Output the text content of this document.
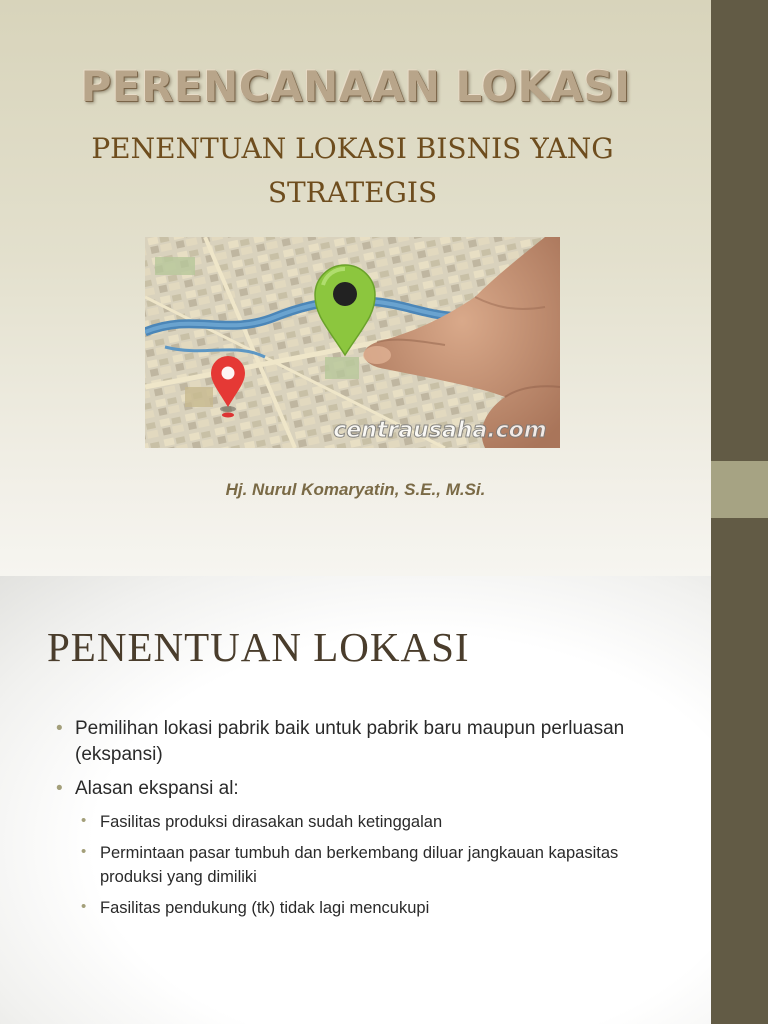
PERENCANAAN LOKASI
PENENTUAN LOKASI BISNIS YANG STRATEGIS
centrausaha.com
Hj. Nurul Komaryatin, S.E., M.Si.
PENENTUAN LOKASI
• Pemilihan lokasi pabrik baik untuk pabrik baru maupun perluasan (ekspansi)
• Alasan ekspansi al:
• Fasilitas produksi dirasakan sudah ketinggalan
• Permintaan pasar tumbuh dan berkembang diluar jangkauan kapasitas produksi yang dimiliki
• Fasilitas pendukung (tk) tidak lagi mencukupi
